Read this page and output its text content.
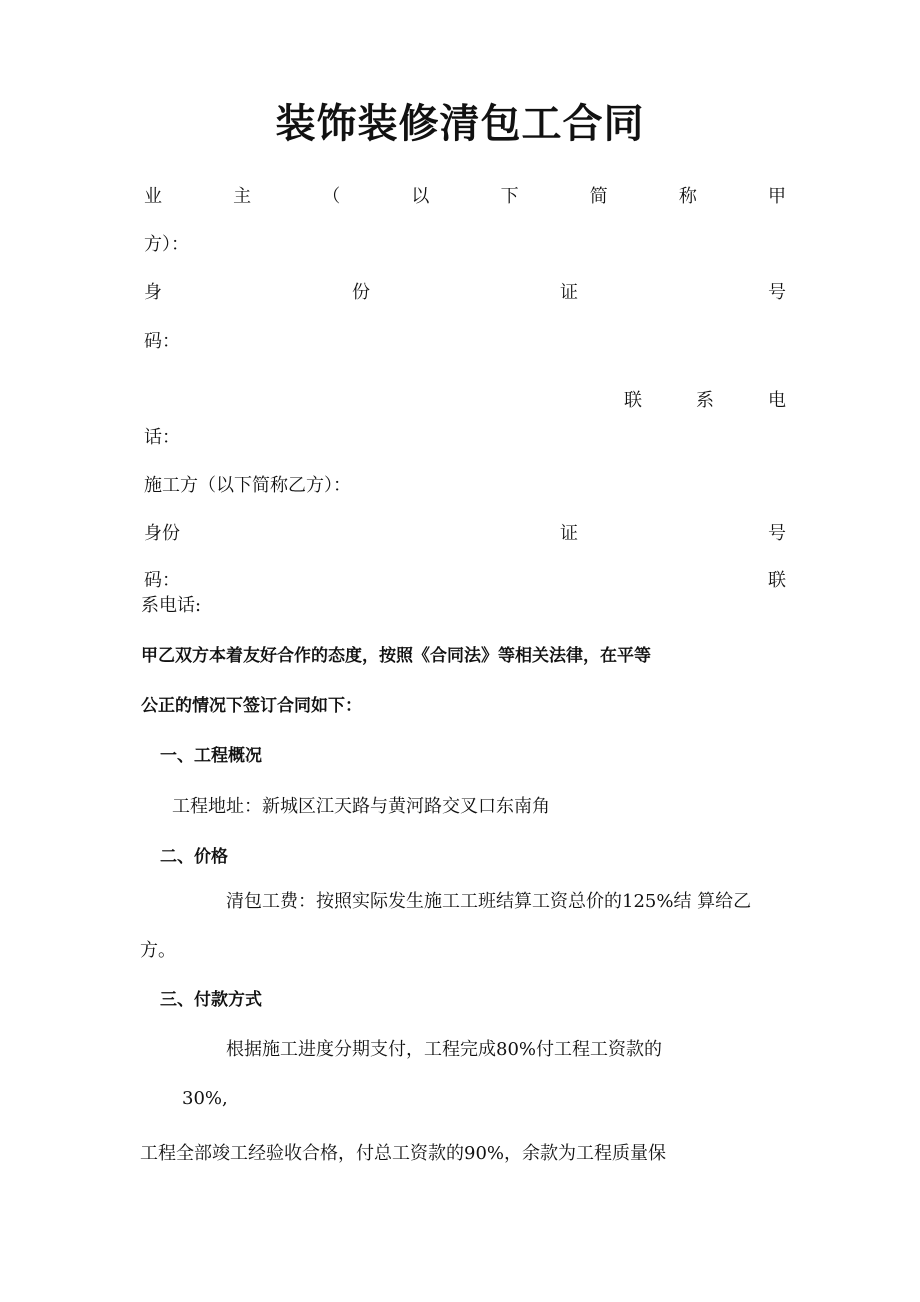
装饰装修清包工合同
业	主	（	以	下	简	称	甲
方）：
身	份	证	号
码：
联	系	电
话：
施工方（以下简称乙方）：
身份	证	号
码：	联
系电话:
甲乙双方本着友好合作的态度，按照《合同法》等相关法律，在平等
公正的情况下签订合同如下：
一、工程概况
工程地址：新城区江天路与黄河路交叉口东南角
二、价格
清包工费：按照实际发生施工工班结算工资总价的125%结 算给乙
方。
三、付款方式
根据施工进度分期支付，工程完成80%付工程工资款的
30%,
工程全部竣工经验收合格，付总工资款的90%，余款为工程质量保
